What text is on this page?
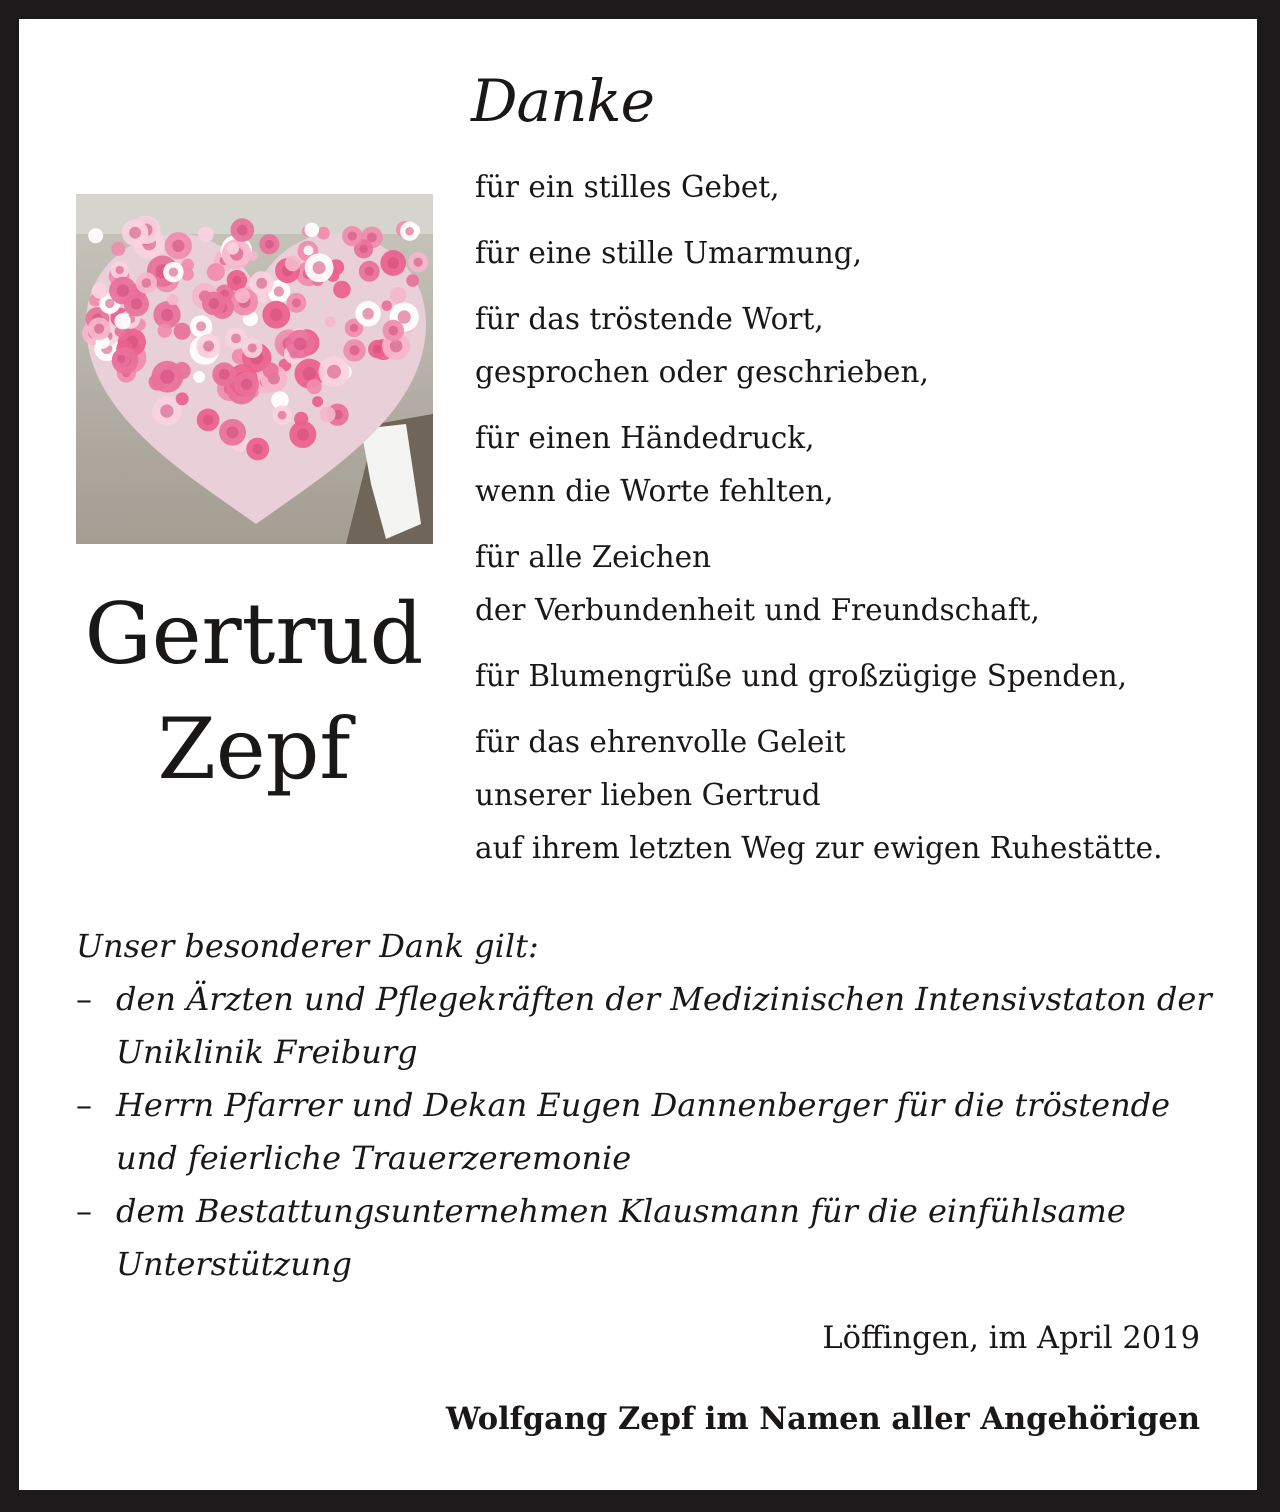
Gertrud
Zepf
Danke

für ein stilles Gebet,

für eine stille Umarmung,

für das tröstende Wort,
gesprochen oder geschrieben,

für einen Händedruck,
wenn die Worte fehlten,

für alle Zeichen
der Verbundenheit und Freundschaft,

für Blumengrüße und großzügige Spenden,

für das ehrenvolle Geleit
unserer lieben Gertrud
auf ihrem letzten Weg zur ewigen Ruhestätte.

Unser besonderer Dank gilt:

– den Ärzten und Pflegekräften der Medizinischen Intensivstaton der Uniklinik Freiburg
– Herrn Pfarrer und Dekan Eugen Dannenberger für die tröstende und feierliche Trauerzeremonie
– dem Bestattungsunternehmen Klausmann für die einfühlsame Unterstützung
Löffingen, im April 2019
Wolfgang Zepf im Namen aller Angehörigen
